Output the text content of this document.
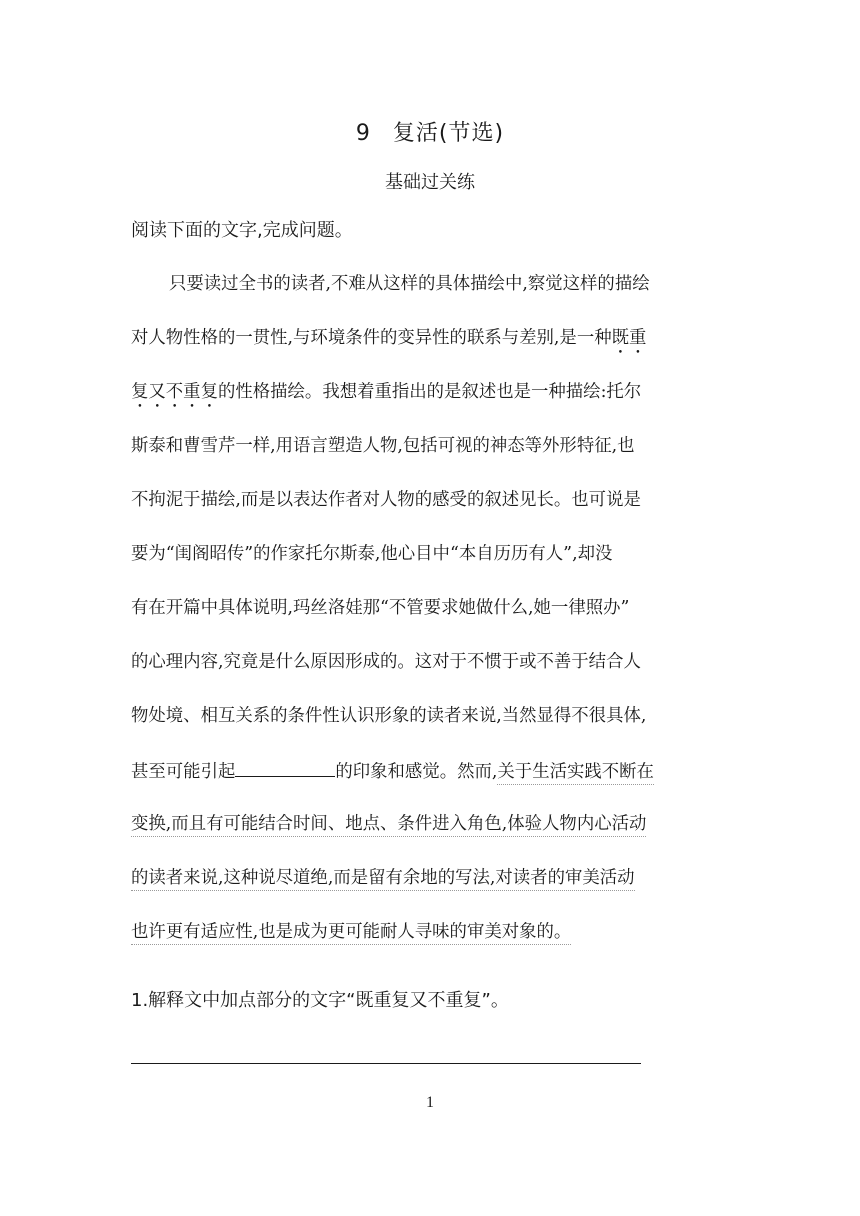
9 复活(节选)
基础过关练
阅读下面的文字,完成问题。
只要读过全书的读者,不难从这样的具体描绘中,察觉这样的描绘
对人物性格的一贯性,与环境条件的变异性的联系与差别,是一种既重
复又不重复的性格描绘。我想着重指出的是叙述也是一种描绘:托尔
斯泰和曹雪芹一样,用语言塑造人物,包括可视的神态等外形特征,也
不拘泥于描绘,而是以表达作者对人物的感受的叙述见长。也可说是
要为“闺阁昭传”的作家托尔斯泰,他心目中“本自历历有人”,却没
有在开篇中具体说明,玛丝洛娃那“不管要求她做什么,她一律照办”
的心理内容,究竟是什么原因形成的。这对于不惯于或不善于结合人
物处境、相互关系的条件性认识形象的读者来说,当然显得不很具体,
甚至可能引起	的印象和感觉。然而,关于生活实践不断在
变换,而且有可能结合时间、地点、条件进入角色,体验人物内心活动
的读者来说,这种说尽道绝,而是留有余地的写法,对读者的审美活动
也许更有适应性,也是成为更可能耐人寻味的审美对象的。
1.解释文中加点部分的文字“既重复又不重复”。
1
